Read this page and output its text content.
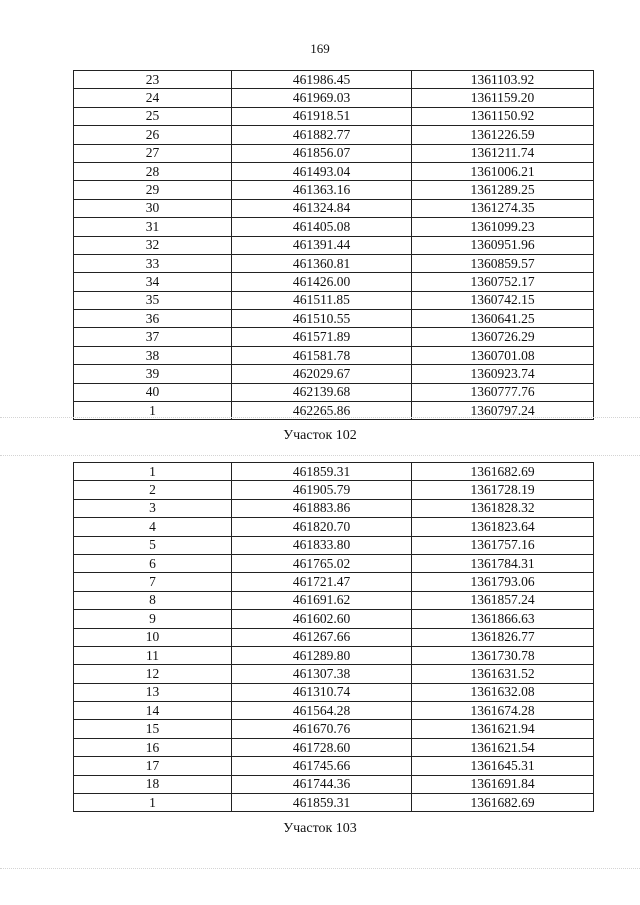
169
23	461986.45	1361103.92
24	461969.03	1361159.20
25	461918.51	1361150.92
26	461882.77	1361226.59
27	461856.07	1361211.74
28	461493.04	1361006.21
29	461363.16	1361289.25
30	461324.84	1361274.35
31	461405.08	1361099.23
32	461391.44	1360951.96
33	461360.81	1360859.57
34	461426.00	1360752.17
35	461511.85	1360742.15
36	461510.55	1360641.25
37	461571.89	1360726.29
38	461581.78	1360701.08
39	462029.67	1360923.74
40	462139.68	1360777.76
1	462265.86	1360797.24
Участок 102
1	461859.31	1361682.69
2	461905.79	1361728.19
3	461883.86	1361828.32
4	461820.70	1361823.64
5	461833.80	1361757.16
6	461765.02	1361784.31
7	461721.47	1361793.06
8	461691.62	1361857.24
9	461602.60	1361866.63
10	461267.66	1361826.77
11	461289.80	1361730.78
12	461307.38	1361631.52
13	461310.74	1361632.08
14	461564.28	1361674.28
15	461670.76	1361621.94
16	461728.60	1361621.54
17	461745.66	1361645.31
18	461744.36	1361691.84
1	461859.31	1361682.69
Участок 103
